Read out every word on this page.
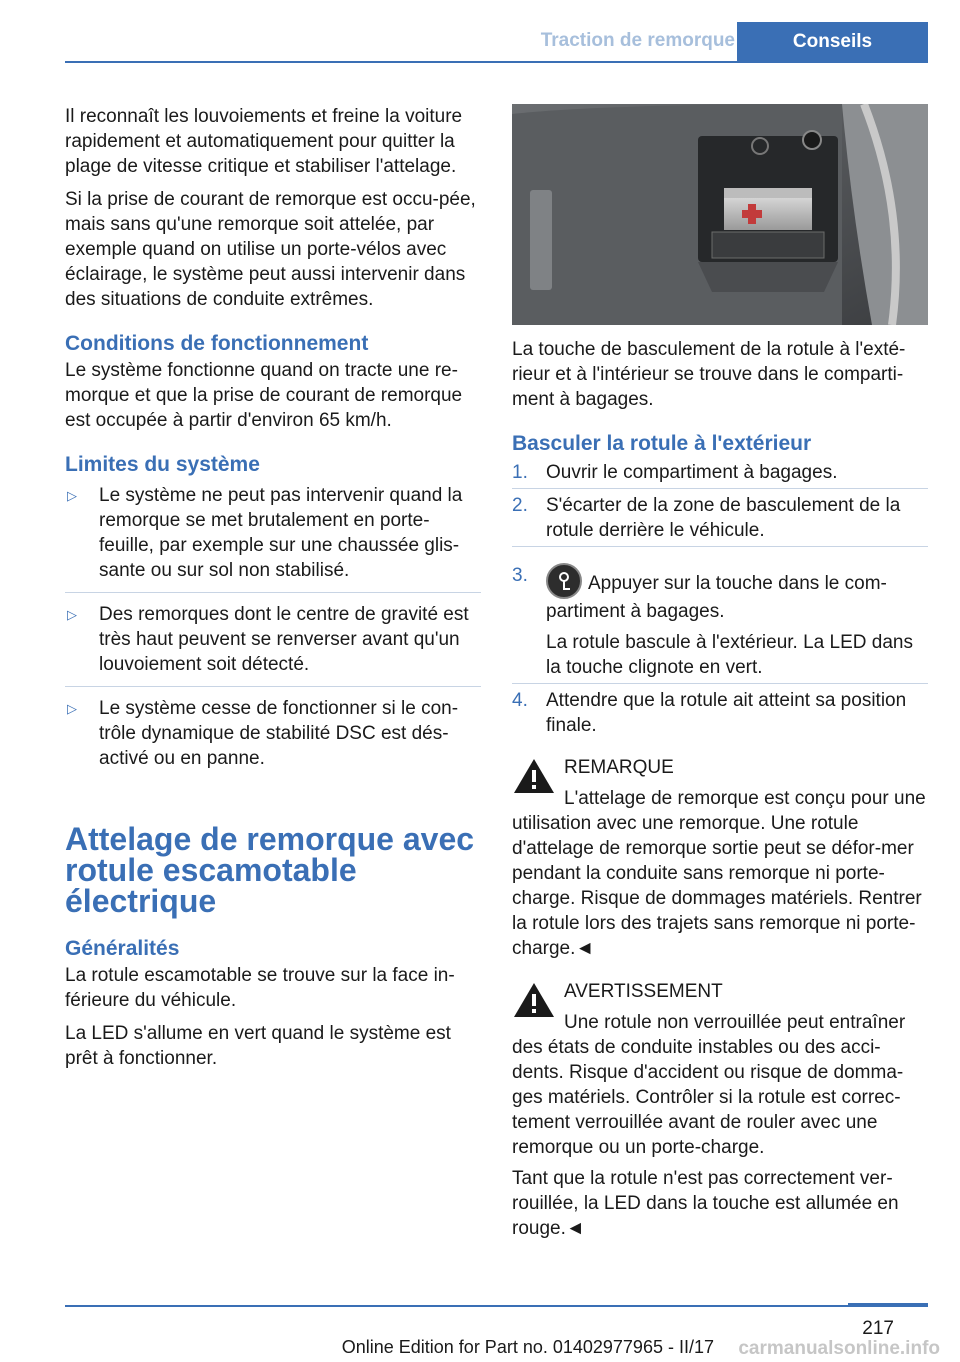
Traction de remorque	Conseils

Il reconnaît les louvoiements et freine la voiture rapidement et automatiquement pour quitter la plage de vitesse critique et stabiliser l'attelage.

Si la prise de courant de remorque est occu‐pée, mais sans qu'une remorque soit attelée, par exemple quand on utilise un porte-vélos avec éclairage, le système peut aussi intervenir dans des situations de conduite extrêmes.

Conditions de fonctionnement

Le système fonctionne quand on tracte une re‐morque et que la prise de courant de remorque est occupée à partir d'environ 65 km/h.

Limites du système
▷ Le système ne peut pas intervenir quand la remorque se met brutalement en porte-feuille, par exemple sur une chaussée glis‐sante ou sur sol non stabilisé.
▷ Des remorques dont le centre de gravité est très haut peuvent se renverser avant qu'un louvoiement soit détecté.
▷ Le système cesse de fonctionner si le con‐trôle dynamique de stabilité DSC est dés‐activé ou en panne.
Attelage de remorque avec
rotule escamotable
électrique
Généralités

La rotule escamotable se trouve sur la face in‐férieure du véhicule.

La LED s'allume en vert quand le système est prêt à fonctionner.

La touche de basculement de la rotule à l'exté‐rieur et à l'intérieur se trouve dans le comparti‐ment à bagages.

Basculer la rotule à l'extérieur
1. Ouvrir le compartiment à bagages.
2. S'écarter de la zone de basculement de la rotule derrière le véhicule.
3.	Appuyer sur la touche dans le com‐partiment à bagages.
La rotule bascule à l'extérieur. La LED dans la touche clignote en vert.
4. Attendre que la rotule ait atteint sa position finale.

REMARQUE

L'attelage de remorque est conçu pour une utilisation avec une remorque. Une rotule d'attelage de remorque sortie peut se défor‐mer pendant la conduite sans remorque ni porte-charge. Risque de dommages matériels. Rentrer la rotule lors des trajets sans remorque ni porte-charge.◄

AVERTISSEMENT

Une rotule non verrouillée peut entraîner des états de conduite instables ou des acci‐dents. Risque d'accident ou risque de domma‐ges matériels. Contrôler si la rotule est correc‐tement verrouillée avant de rouler avec une remorque ou un porte-charge.

Tant que la rotule n'est pas correctement ver‐rouillée, la LED dans la touche est allumée en rouge.◄

217
Online Edition for Part no. 01402977965 - II/17 carmanualsonline.info
